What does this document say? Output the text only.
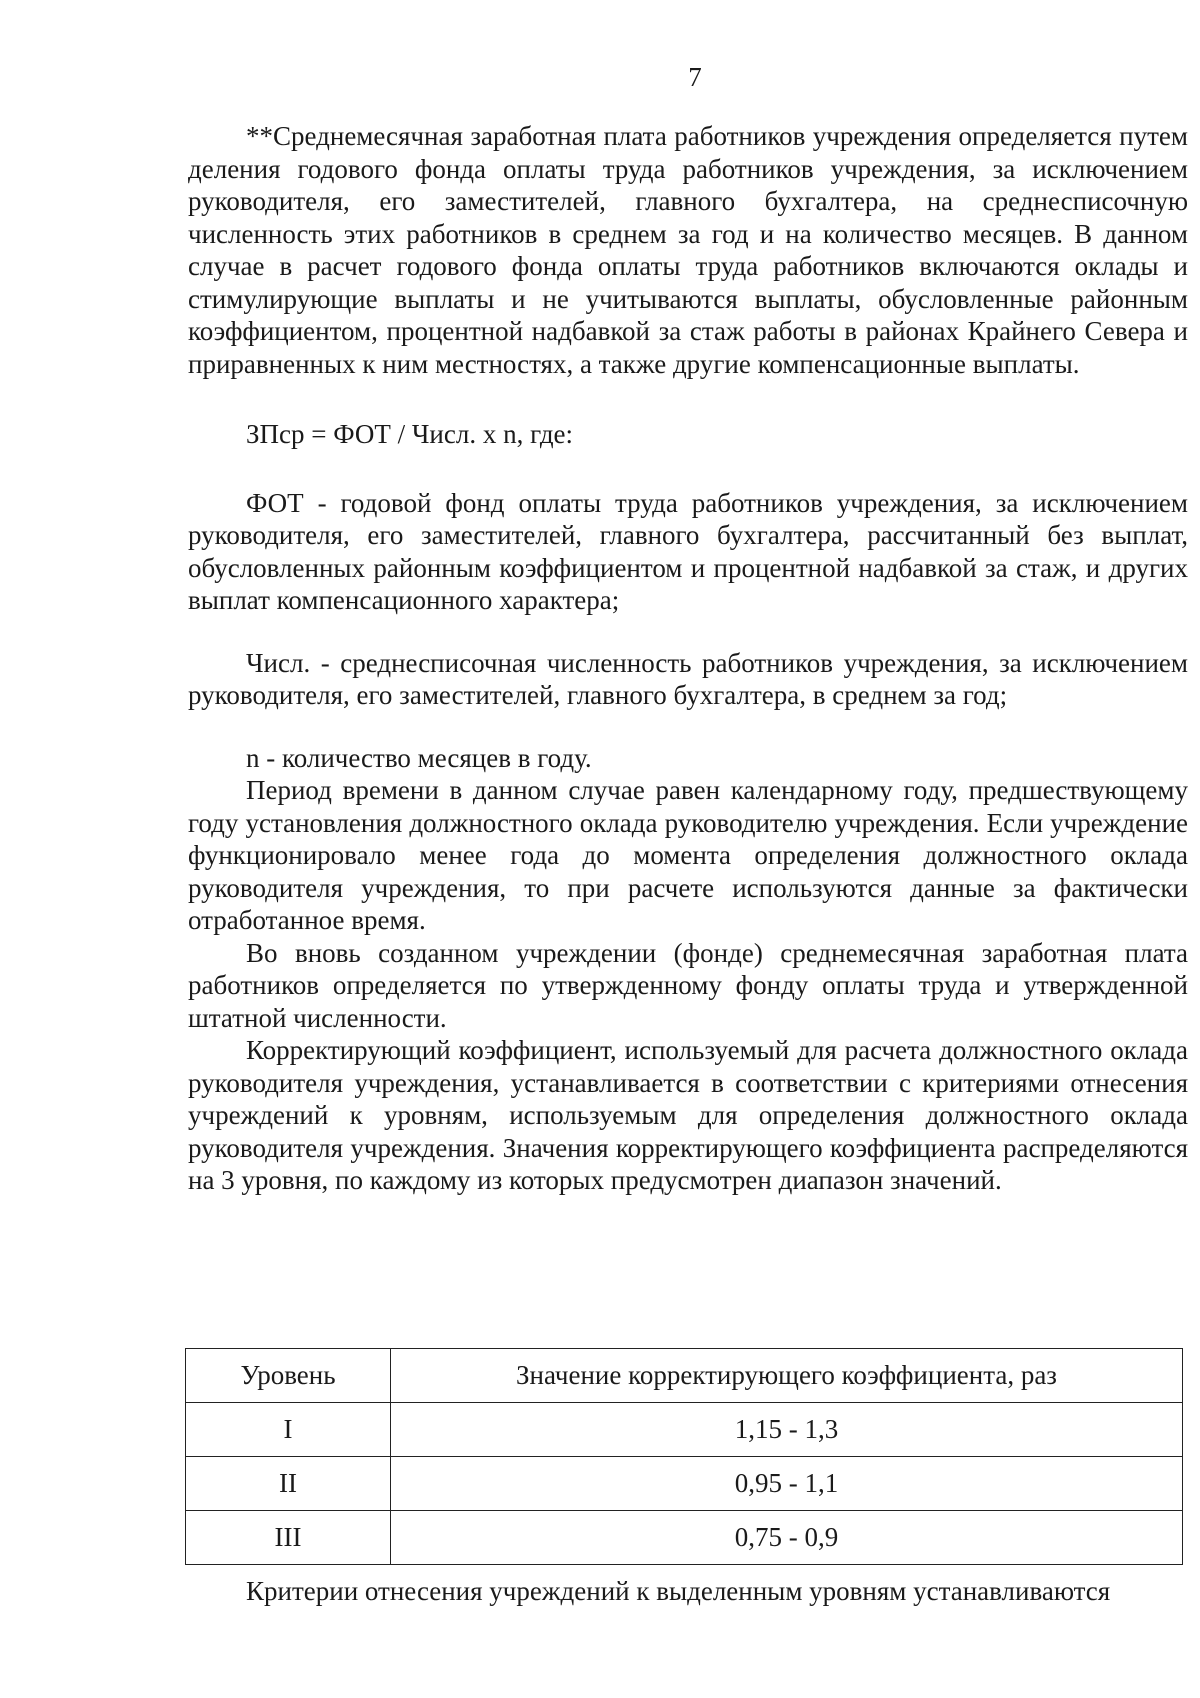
7

**Среднемесячная заработная плата работников учреждения определяется путем деления годового фонда оплаты труда работников учреждения, за исключением руководителя, его заместителей, главного бухгалтера, на среднесписочную численность этих работников в среднем за год и на количество месяцев. В данном случае в расчет годового фонда оплаты труда работников включаются оклады и стимулирующие выплаты и не учитываются выплаты, обусловленные районным коэффициентом, процентной надбавкой за стаж работы в районах Крайнего Севера и приравненных к ним местностях, а также другие компенсационные выплаты.

ЗПср = ФОТ / Числ. х n, где:

ФОТ - годовой фонд оплаты труда работников учреждения, за исключением руководителя, его заместителей, главного бухгалтера, рассчитанный без выплат, обусловленных районным коэффициентом и процентной надбавкой за стаж, и других выплат компенсационного характера;

Числ. - среднесписочная численность работников учреждения, за исключением руководителя, его заместителей, главного бухгалтера, в среднем за год;

n - количество месяцев в году.

Период времени в данном случае равен календарному году, предшествующему году установления должностного оклада руководителю учреждения. Если учреждение функционировало менее года до момента определения должностного оклада руководителя учреждения, то при расчете используются данные за фактически отработанное время.

Во вновь созданном учреждении (фонде) среднемесячная заработная плата работников определяется по утвержденному фонду оплаты труда и утвержденной штатной численности.

Корректирующий коэффициент, используемый для расчета должностного оклада руководителя учреждения, устанавливается в соответствии с критериями отнесения учреждений к уровням, используемым для определения должностного оклада руководителя учреждения. Значения корректирующего коэффициента распределяются на 3 уровня, по каждому из которых предусмотрен диапазон значений.

Уровень	Значение корректирующего коэффициента, раз
I	1,15 - 1,3
II	0,95 - 1,1
III	0,75 - 0,9

Критерии отнесения учреждений к выделенным уровням устанавливаются
